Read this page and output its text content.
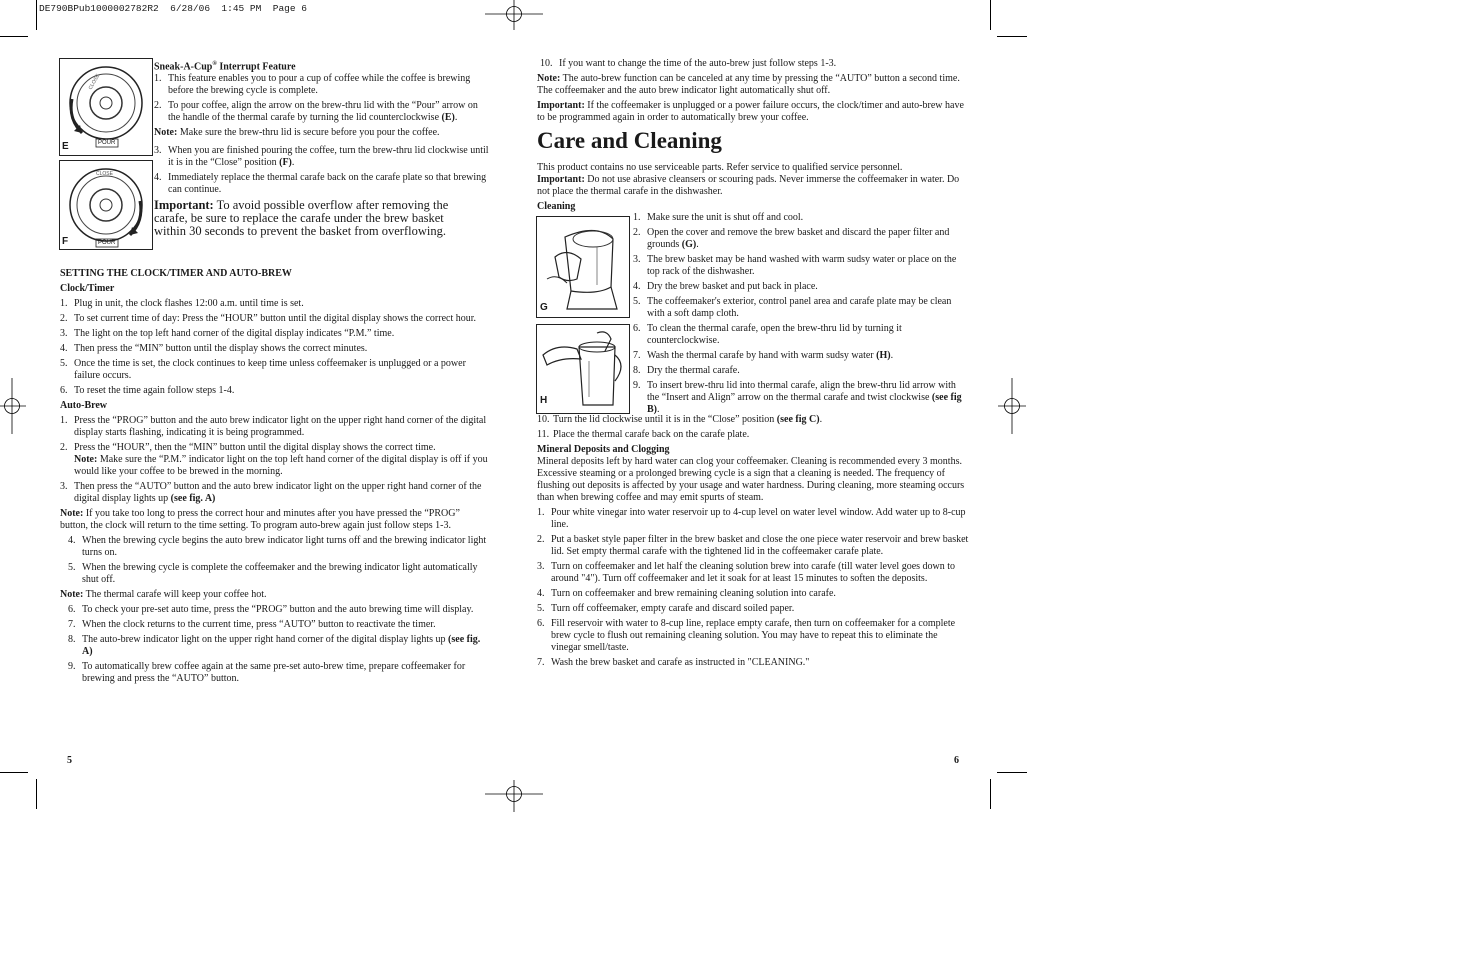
DE790BPub1000002782R2  6/28/06  1:45 PM  Page 6
E	POUR
CLOSE
F	POUR
CLOSE

Sneak-A-Cup® Interrupt Feature

1. This feature enables you to pour a cup of coffee while the coffee is brewing before the brewing cycle is complete.

2. To pour coffee, align the arrow on the brew-thru lid with the “Pour” arrow on the handle of the thermal carafe by turning the lid counterclockwise (E).

Note: Make sure the brew-thru lid is secure before you pour the coffee.

3. When you are finished pouring the coffee, turn the brew-thru lid clockwise until it is in the “Close” position (F).

4. Immediately replace the thermal carafe back on the carafe plate so that brewing can continue.

Important: To avoid possible overflow after removing the carafe, be sure to replace the carafe under the brew basket within 30 seconds to prevent the basket from overflowing.

SETTING THE CLOCK/TIMER AND AUTO-BREW

Clock/Timer

1. Plug in unit, the clock flashes 12:00 a.m. until time is set.

2. To set current time of day: Press the “HOUR” button until the digital display shows the correct hour.

3. The light on the top left hand corner of the digital display indicates “P.M.” time.

4. Then press the “MIN” button until the display shows the correct minutes.

5. Once the time is set, the clock continues to keep time unless coffeemaker is unplugged or a power failure occurs.

6. To reset the time again follow steps 1-4.

Auto-Brew

1. Press the “PROG” button and the auto brew indicator light on the upper right hand corner of the digital display starts flashing, indicating it is being programmed.

2. Press the “HOUR”, then the “MIN” button until the digital display shows the correct time.
Note: Make sure the “P.M.” indicator light on the top left hand corner of the digital display is off if you would like your coffee to be brewed in the morning.

3. Then press the “AUTO” button and the auto brew indicator light on the upper right hand corner of the digital display lights up (see fig. A)

Note: If you take too long to press the correct hour and minutes after you have pressed the “PROG” button, the clock will return to the time setting. To program auto-brew again just follow steps 1-3.

4. When the brewing cycle begins the auto brew indicator light turns off and the brewing indicator light turns on.

5. When the brewing cycle is complete the coffeemaker and the brewing indicator light automatically shut off.

Note: The thermal carafe will keep your coffee hot.

6. To check your pre-set auto time, press the “PROG” button and the auto brewing time will display.

7. When the clock returns to the current time, press “AUTO” button to reactivate the timer.

8. The auto-brew indicator light on the upper right hand corner of the digital display lights up (see fig. A)

9. To automatically brew coffee again at the same pre-set auto-brew time, prepare coffeemaker for brewing and press the “AUTO” button.

5

10. If you want to change the time of the auto-brew just follow steps 1-3.

Note: The auto-brew function can be canceled at any time by pressing the “AUTO” button a second time. The coffeemaker and the auto brew indicator light automatically shut off.

Important: If the coffeemaker is unplugged or a power failure occurs, the clock/timer and auto-brew have to be programmed again in order to automatically brew your coffee.

Care and Cleaning

This product contains no use serviceable parts. Refer service to qualified service personnel.

Important: Do not use abrasive cleansers or scouring pads. Never immerse the coffeemaker in water. Do not place the thermal carafe in the dishwasher.

Cleaning

G
H

1. Make sure the unit is shut off and cool.

2. Open the cover and remove the brew basket and discard the paper filter and grounds (G).

3. The brew basket may be hand washed with warm sudsy water or place on the top rack of the dishwasher.

4. Dry the brew basket and put back in place.

5. The coffeemaker's exterior, control panel area and carafe plate may be clean with a soft damp cloth.

6. To clean the thermal carafe, open the brew-thru lid by turning it counterclockwise.

7. Wash the thermal carafe by hand with warm sudsy water (H).

8. Dry the thermal carafe.

9. To insert brew-thru lid into thermal carafe, align the brew-thru lid arrow with the “Insert and Align” arrow on the thermal carafe and twist clockwise (see fig B).

10. Turn the lid clockwise until it is in the “Close” position (see fig C).

11. Place the thermal carafe back on the carafe plate.

Mineral Deposits and Clogging

Mineral deposits left by hard water can clog your coffeemaker. Cleaning is recommended every 3 months. Excessive steaming or a prolonged brewing cycle is a sign that a cleaning is needed. The frequency of flushing out deposits is affected by your usage and water hardness. During cleaning, more steaming occurs than when brewing coffee and may emit spurts of steam.

1. Pour white vinegar into water reservoir up to 4-cup level on water level window. Add water up to 8-cup line.

2. Put a basket style paper filter in the brew basket and close the one piece water reservoir and brew basket lid. Set empty thermal carafe with the tightened lid in the coffeemaker carafe plate.

3. Turn on coffeemaker and let half the cleaning solution brew into carafe (till water level goes down to around "4"). Turn off coffeemaker and let it soak for at least 15 minutes to soften the deposits.

4. Turn on coffeemaker and brew remaining cleaning solution into carafe.

5. Turn off coffeemaker, empty carafe and discard soiled paper.

6. Fill reservoir with water to 8-cup line, replace empty carafe, then turn on coffeemaker for a complete brew cycle to flush out remaining cleaning solution. You may have to repeat this to eliminate the vinegar smell/taste.

7. Wash the brew basket and carafe as instructed in "CLEANING."

6
